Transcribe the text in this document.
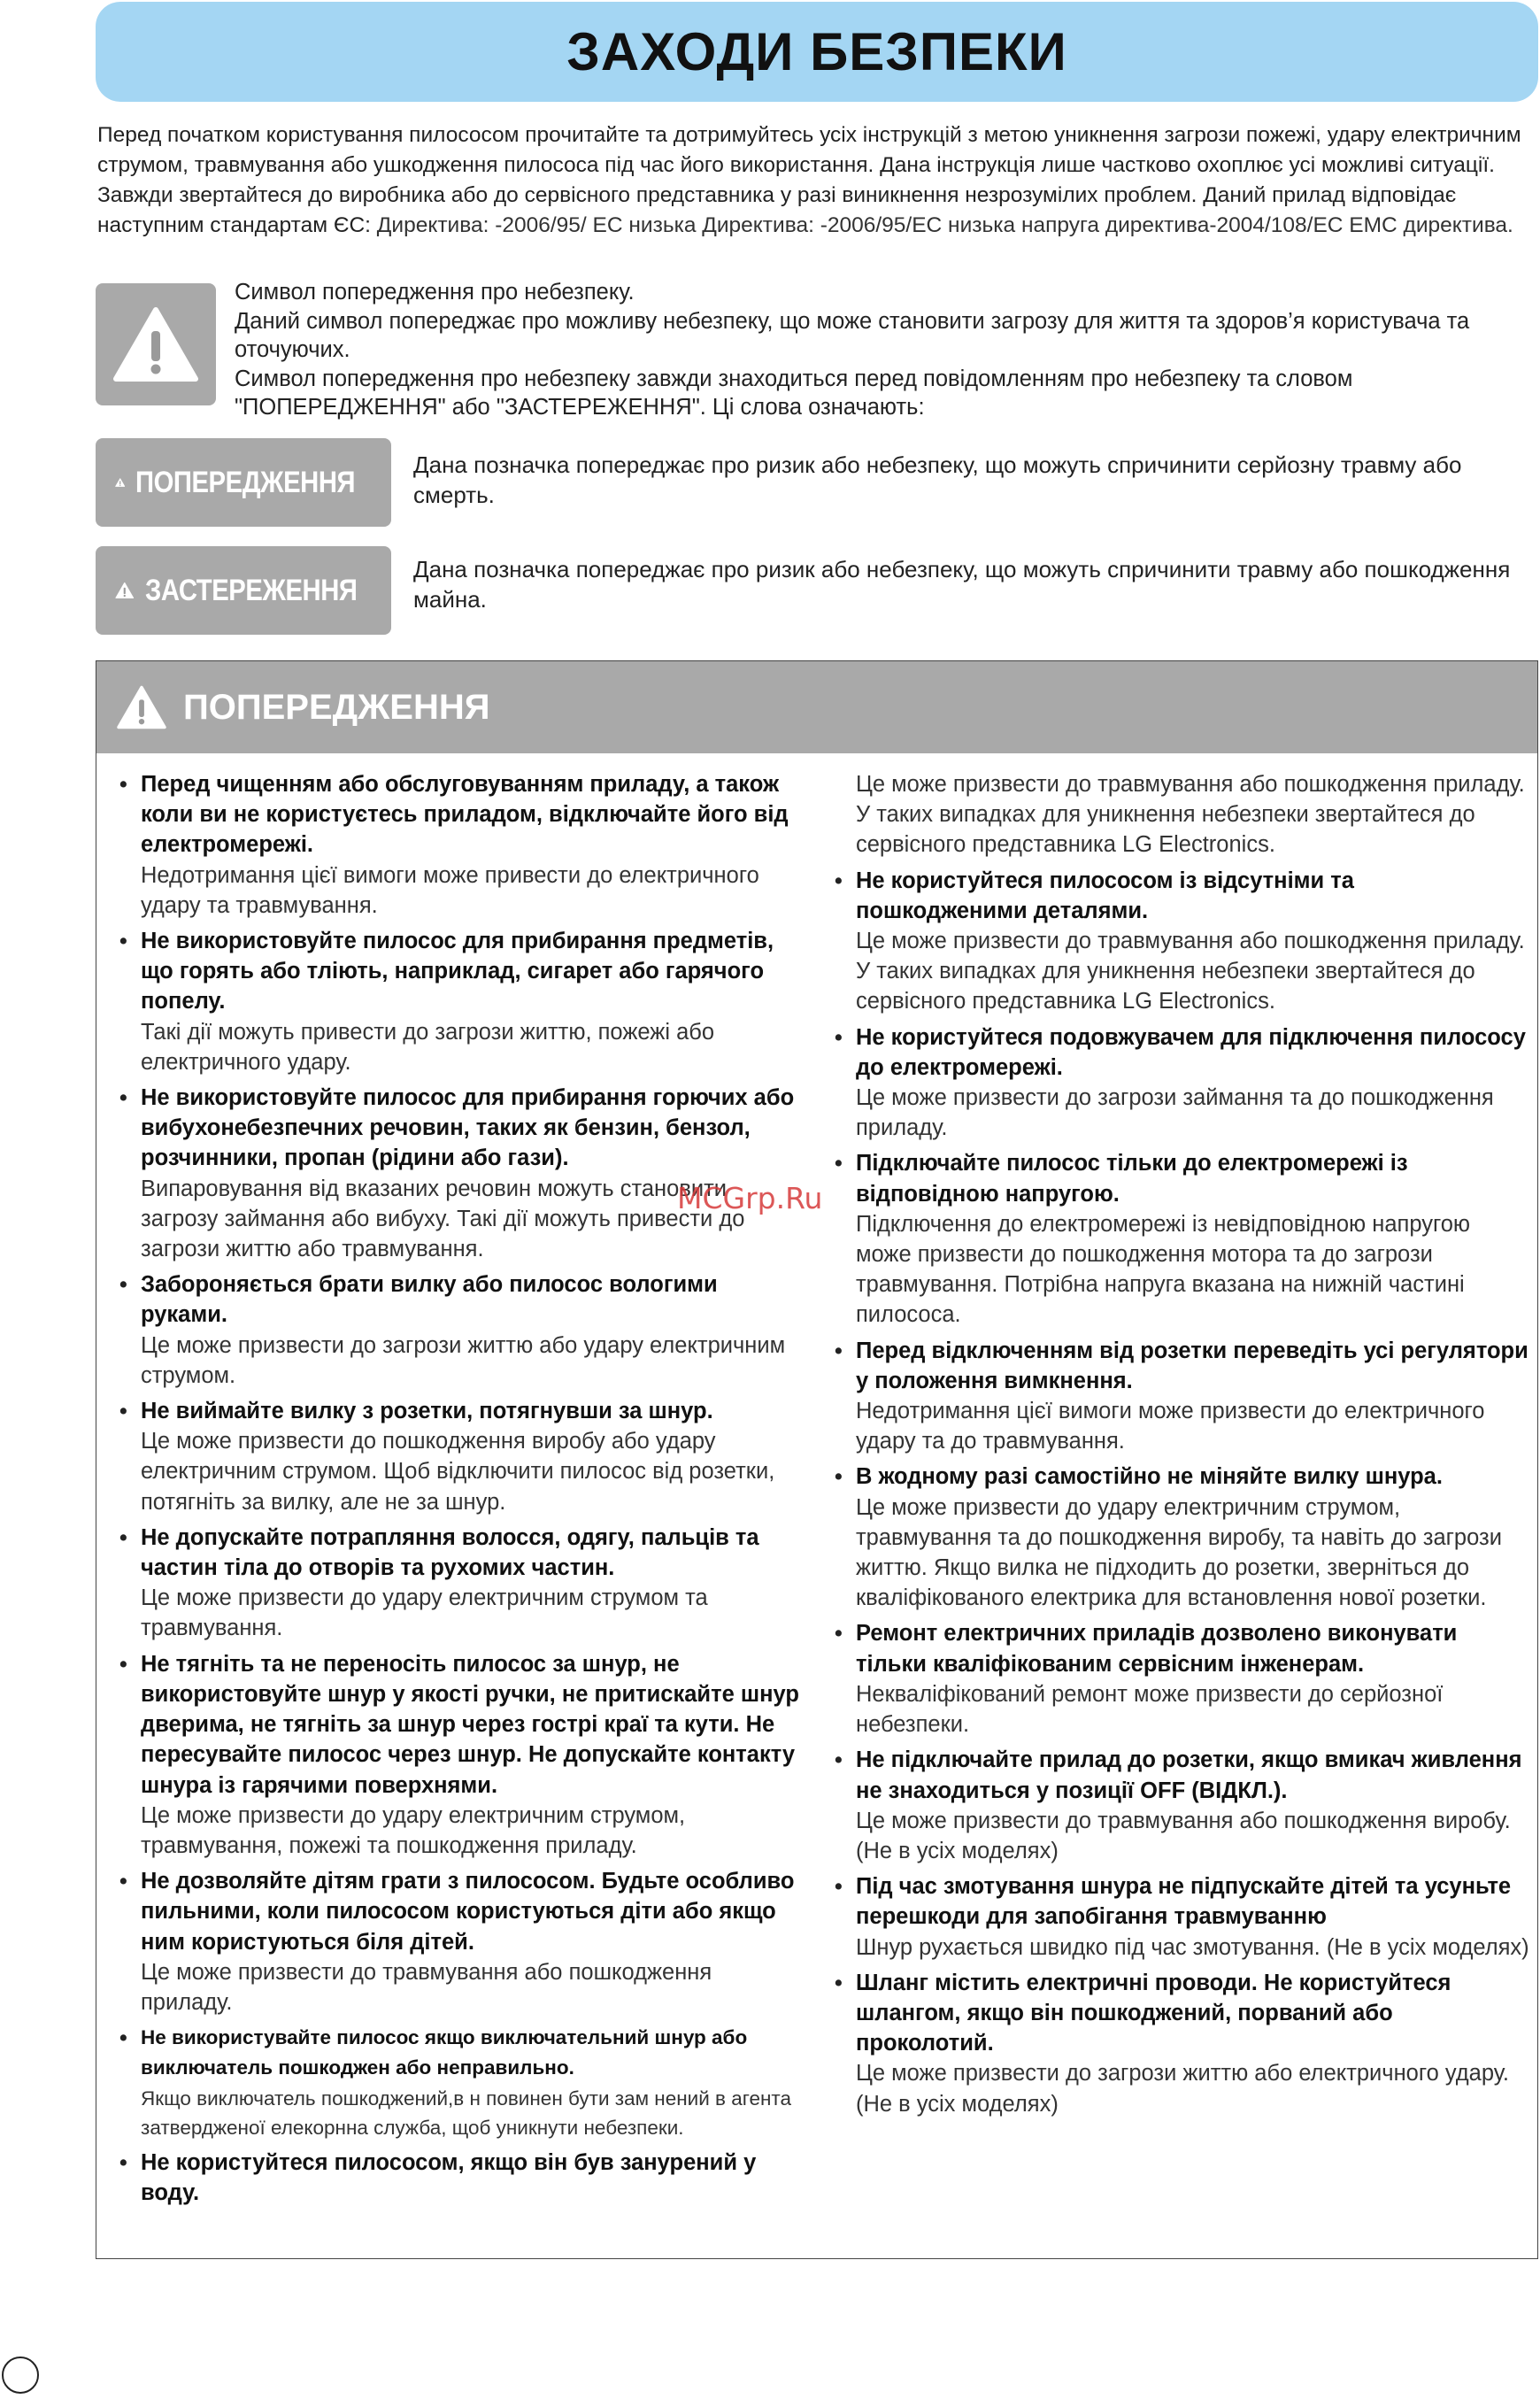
ЗАХОДИ БЕЗПЕКИ
Перед початком користування пилососом прочитайте та дотримуйтесь усіх інструкцій з метою уникнення загрози пожежі, удару електричним струмом, травмування або ушкодження пилососа під час його використання. Дана інструкція лише частково охоплює усі можливі ситуації. Завжди звертайтеся до виробника або до сервісного представника у разі виникнення незрозумілих проблем. Даний прилад відповідає наступним стандартам ЄС: Директива: -2006/95/ ЕС низька Директива: -2006/95/ЕС низька напруга директива-2004/108/ЕС ЕМС директива.
Символ попередження про небезпеку.
Даний символ попереджає про можливу небезпеку, що може становити загрозу для життя та здоров’я користувача та оточуючих.
Символ попередження про небезпеку завжди знаходиться перед повідомленням про небезпеку та словом "ПОПЕРЕДЖЕННЯ" або "ЗАСТЕРЕЖЕННЯ". Ці слова означають:
ПОПЕРЕДЖЕННЯ
Дана позначка попереджає про ризик або небезпеку, що можуть спричинити серйозну травму або смерть.
ЗАСТЕРЕЖЕННЯ
Дана позначка попереджає про ризик або небезпеку, що можуть спричинити травму або пошкодження майна.
ПОПЕРЕДЖЕННЯ
• Перед чищенням або обслуговуванням приладу, а також коли ви не користуєтесь приладом, відключайте його від електромережі.
Недотримання цієї вимоги може привести до електричного удару та травмування.
• Не використовуйте пилосос для прибирання предметів, що горять або тліють, наприклад, сигарет або гарячого попелу.
Такі дії можуть привести до загрози життю, пожежі або електричного удару.
• Не використовуйте пилосос для прибирання горючих або вибухонебезпечних речовин, таких як бензин, бензол, розчинники, пропан (рідини або гази).
Випаровування від вказаних речовин можуть становити загрозу займання або вибуху. Такі дії можуть привести до загрози життю або травмування.
• Забороняється брати вилку або пилосос вологими руками.
Це може призвести до загрози життю або удару електричним струмом.
• Не виймайте вилку з розетки, потягнувши за шнур.
Це може призвести до пошкодження виробу або удару електричним струмом. Щоб відключити пилосос від розетки, потягніть за вилку, але не за шнур.
• Не допускайте потрапляння волосся, одягу, пальців та частин тіла до отворів та рухомих частин.
Це може призвести до удару електричним струмом та травмування.
• Не тягніть та не переносіть пилосос за шнур, не використовуйте шнур у якості ручки, не притискайте шнур дверима, не тягніть за шнур через гострі краї та кути. Не пересувайте пилосос через шнур. Не допускайте контакту шнура із гарячими поверхнями.
Це може призвести до удару електричним струмом, травмування, пожежі та пошкодження приладу.
• Не дозволяйте дітям грати з пилососом. Будьте особливо пильними, коли пилососом користуються діти або якщо ним користуються біля дітей.
Це може призвести до травмування або пошкодження приладу.
• Не використувайте пилосос якщо виключательний шнур або виключатель пошкоджен або неправильно.
Якщо виключатель пошкоджений,в н повинен бути зам нений в агента затвердженої елекорнна служба, щоб уникнути небезпеки.
• Не користуйтеся пилососом, якщо він був занурений у воду.
Це може призвести до травмування або пошкодження приладу. У таких випадках для уникнення небезпеки звертайтеся до сервісного представника LG Electronics.
• Не користуйтеся пилососом із відсутніми та пошкодженими деталями.
Це може призвести до травмування або пошкодження приладу. У таких випадках для уникнення небезпеки звертайтеся до сервісного представника LG Electronics.
• Не користуйтеся подовжувачем для підключення пилососу до електромережі.
Це може призвести до загрози займання та до пошкодження приладу.
• Підключайте пилосос тільки до електромережі із відповідною напругою.
Підключення до електромережі із невідповідною напругою може призвести до пошкодження мотора та до загрози травмування. Потрібна напруга вказана на нижній частині пилососа.
• Перед відключенням від розетки переведіть усі регулятори у положення вимкнення.
Недотримання цієї вимоги може призвести до електричного удару та до травмування.
• В жодному разі самостійно не міняйте вилку шнура.
Це може призвести до удару електричним струмом, травмування та до пошкодження виробу, та навіть до загрози життю. Якщо вилка не підходить до розетки, зверніться до кваліфікованого електрика для встановлення нової розетки.
• Ремонт електричних приладів дозволено виконувати тільки кваліфікованим сервісним інженерам.
Некваліфікований ремонт може призвести до серйозної небезпеки.
• Не підключайте прилад до розетки, якщо вмикач живлення не знаходиться у позиції OFF (ВІДКЛ.).
Це може призвести до травмування або пошкодження виробу.(Не в усіх моделях)
• Під час змотування шнура не підпускайте дітей та усуньте перешкоди для запобігання травмуванню
Шнур рухається швидко під час змотування. (Не в усіх моделях)
• Шланг містить електричні проводи. Не користуйтеся шлангом, якщо він пошкоджений, порваний або проколотий.
Це може призвести до загрози життю або електричного удару.(Не в усіх моделях)
MCGrp.Ru
